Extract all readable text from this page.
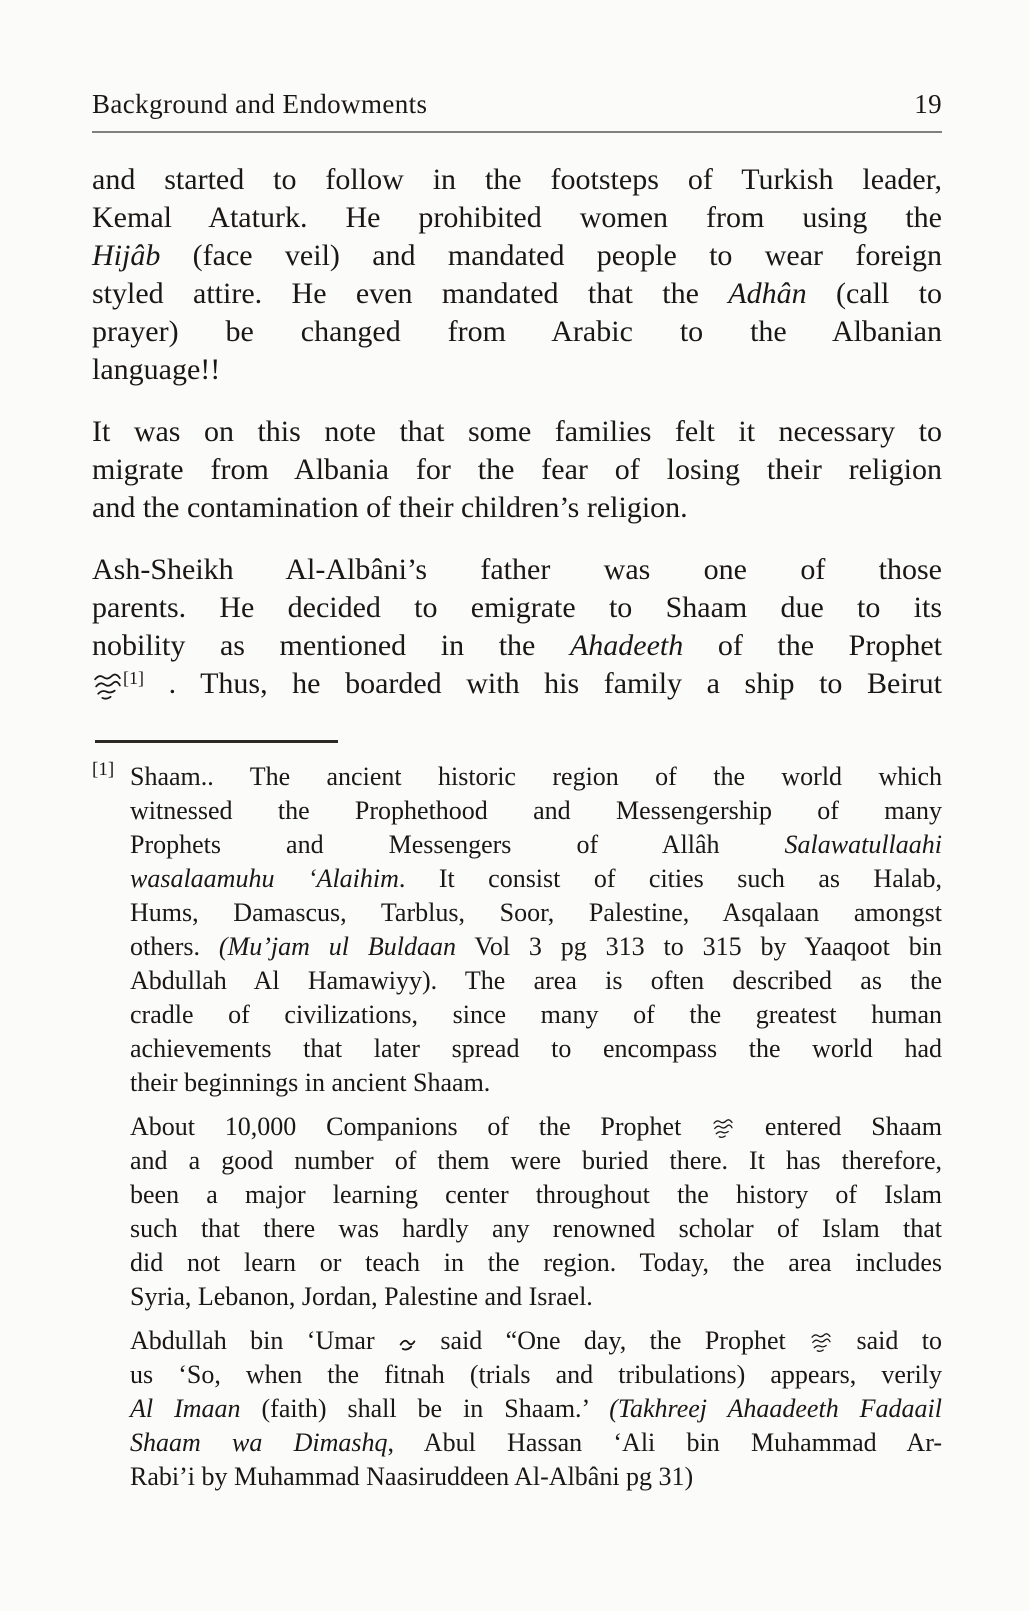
Background and Endowments	19
and started to follow in the footsteps of Turkish leader,
Kemal Ataturk. He prohibited women from using the
Hijâb (face veil) and mandated people to wear foreign
styled attire. He even mandated that the Adhân (call to
prayer) be changed from Arabic to the Albanian
language!!
It was on this note that some families felt it necessary to
migrate from Albania for the fear of losing their religion
and the contamination of their children’s religion.
Ash-Sheikh Al-Albâni’s father was one of those
parents. He decided to emigrate to Shaam due to its
nobility as mentioned in the Ahadeeth of the Prophet
[1] . Thus, he boarded with his family a ship to Beirut
[1] Shaam.. The ancient historic region of the world which
witnessed the Prophethood and Messengership of many
Prophets and Messengers of Allâh Salawatullaahi
wasalaamuhu ‘Alaihim. It consist of cities such as Halab,
Hums, Damascus, Tarblus, Soor, Palestine, Asqalaan amongst
others. (Mu’jam ul Buldaan Vol 3 pg 313 to 315 by Yaaqoot bin
Abdullah Al Hamawiyy). The area is often described as the
cradle of civilizations, since many of the greatest human
achievements that later spread to encompass the world had
their beginnings in ancient Shaam.
About 10,000 Companions of the Prophet  entered Shaam
and a good number of them were buried there. It has therefore,
been a major learning center throughout the history of Islam
such that there was hardly any renowned scholar of Islam that
did not learn or teach in the region. Today, the area includes
Syria, Lebanon, Jordan, Palestine and Israel.
Abdullah bin ‘Umar  said “One day, the Prophet  said to
us ‘So, when the fitnah (trials and tribulations) appears, verily
Al Imaan (faith) shall be in Shaam.’ (Takhreej Ahaadeeth Fadaail
Shaam wa Dimashq, Abul Hassan ‘Ali bin Muhammad Ar-
Rabi’i by Muhammad Naasiruddeen Al-Albâni pg 31)
